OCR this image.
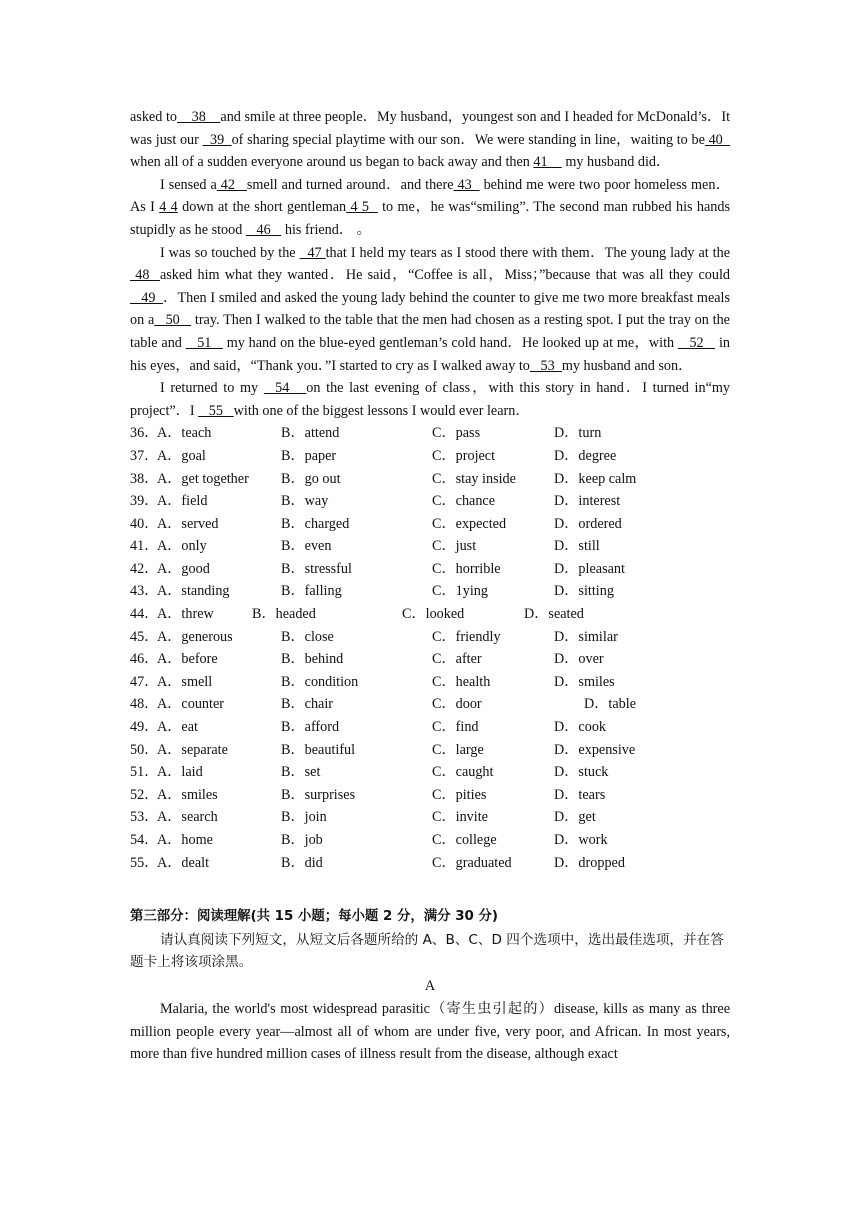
asked to    38    and smile at three people．My husband，youngest son and I headed for McDonald’s．It was just our   39  of sharing special playtime with our son．We were standing in line，waiting to be 40   when all of a sudden everyone around us began to back away and then 41     my husband did．

I sensed a 42   smell and turned around．and there 43   behind me were two poor homeless men．As I 4 4 down at the short gentleman 4 5   to me，he was“smiling”. The second man rubbed his hands stupidly as he stood    46    his friend． 。

I was so touched by the   47 that I held my tears as I stood there with them．The young lady at the 48  asked him what they wanted．He said，“Coffee is all，Miss；”because that was all they could   49  ．Then I smiled and asked the young lady behind the counter to give me two more breakfast meals on a   50    tray. Then I walked to the table that the men had chosen as a resting spot. I put the tray on the table and    51    my hand on the blue-eyed gentleman’s cold hand．He looked up at me，with    52    in his eyes，and said，“Thank you．”I started to cry as I walked away to   53  my husband and son．

I returned to my   54   on the last evening of class，with this story in hand．I turned in“my project”．I    55   with one of the biggest lessons I would ever learn．

36．
A．teach	B．attend	C．pass	D．turn
37．
A．goal	B．paper	C．project	D．degree
38．
A．get together B．go out	C．stay inside	D．keep calm
39．
A．field	B．way	C．chance	D．interest
40．
A．served	B．charged	C．expected	D．ordered
41．
A．only	B．even	C．just	D．still
42．
A．good	B．stressful	C．horrible	D．pleasant
43．
A．standing	B．falling	C．1ying	D．sitting
44．
A．threw	B．headed	C．looked	D．seated
45．
A．generous	B．close	C．friendly	D．similar
46．
A．before	B．behind	C．after	D．over
47．
A．smell	B．condition	C．health	D．smiles
48．
A．counter	B．chair	C．door	D．table
49．
A．eat	B．afford	C．find	D．cook
50．
A．separate	B．beautiful	C．large	D．expensive
51．
A．laid	B．set	C．caught	D．stuck
52．
A．smiles	B．surprises	C．pities	D．tears
53．
A．search	B．join	C．invite	D．get
54．
A．home	B．job	C．college	D．work
55．
A．dealt	B．did	C．graduated	D．dropped
第三部分：阅读理解(共 15 小题；每小题 2 分，满分 30 分)

请认真阅读下列短文，从短文后各题所给的 A、B、C、D 四个选项中，选出最佳选项，并在答题卡上将该项涂黑。

A

Malaria, the world's most widespread parasitic（寄生虫引起的）disease, kills as many as three million people every year—almost all of whom are under five, very poor, and African. In most years, more than five hundred million cases of illness result from the disease, although exact
